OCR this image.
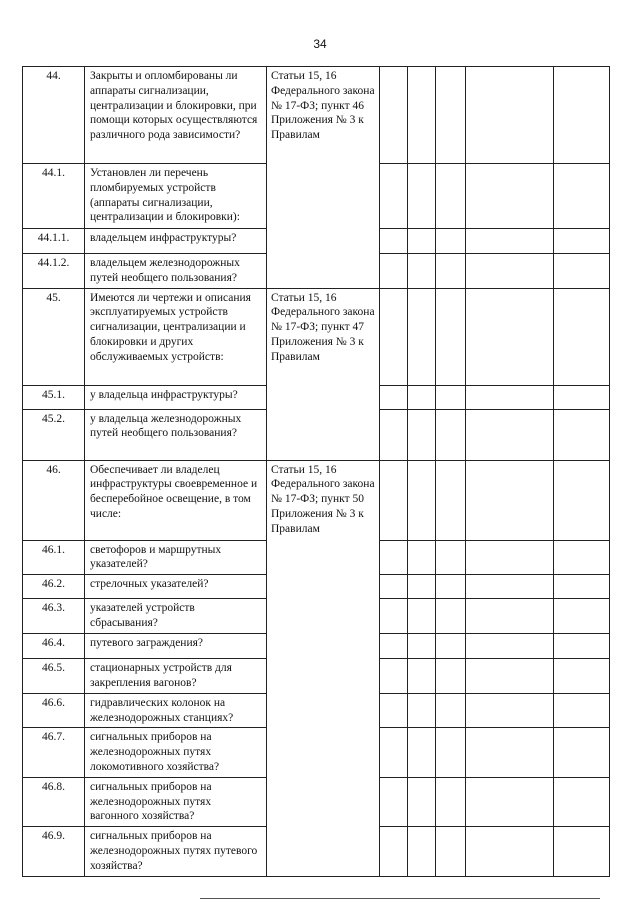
34
44.	Закрыты и опломбированы ли аппараты сигнализации, централизации и блокировки, при помощи которых осуществляются различного рода зависимости?	Статьи 15, 16 Федерального закона № 17-ФЗ; пункт 46 Приложения № 3 к Правилам					
44.1.	Установлен ли перечень пломбируемых устройств (аппараты сигнализации, централизации и блокировки):						
44.1.1.	владельцем инфраструктуры?						
44.1.2.	владельцем железнодорожных путей необщего пользования?						
45.	Имеются ли чертежи и описания эксплуатируемых устройств сигнализации, централизации и блокировки и других обслуживаемых устройств:	Статьи 15, 16 Федерального закона № 17-ФЗ; пункт 47 Приложения № 3 к Правилам					
45.1.	у владельца инфраструктуры?						
45.2.	у владельца железнодорожных путей необщего пользования?						
46.	Обеспечивает ли владелец инфраструктуры своевременное и бесперебойное освещение, в том числе:	Статьи 15, 16 Федерального закона № 17-ФЗ; пункт 50 Приложения № 3 к Правилам					
46.1.	светофоров и маршрутных указателей?						
46.2.	стрелочных указателей?						
46.3.	указателей устройств сбрасывания?						
46.4.	путевого заграждения?						
46.5.	стационарных устройств для закрепления вагонов?						
46.6.	гидравлических колонок на железнодорожных станциях?						
46.7.	сигнальных приборов на железнодорожных путях локомотивного хозяйства?						
46.8.	сигнальных приборов на железнодорожных путях вагонного хозяйства?						
46.9.	сигнальных приборов на железнодорожных путях путевого хозяйства?						
